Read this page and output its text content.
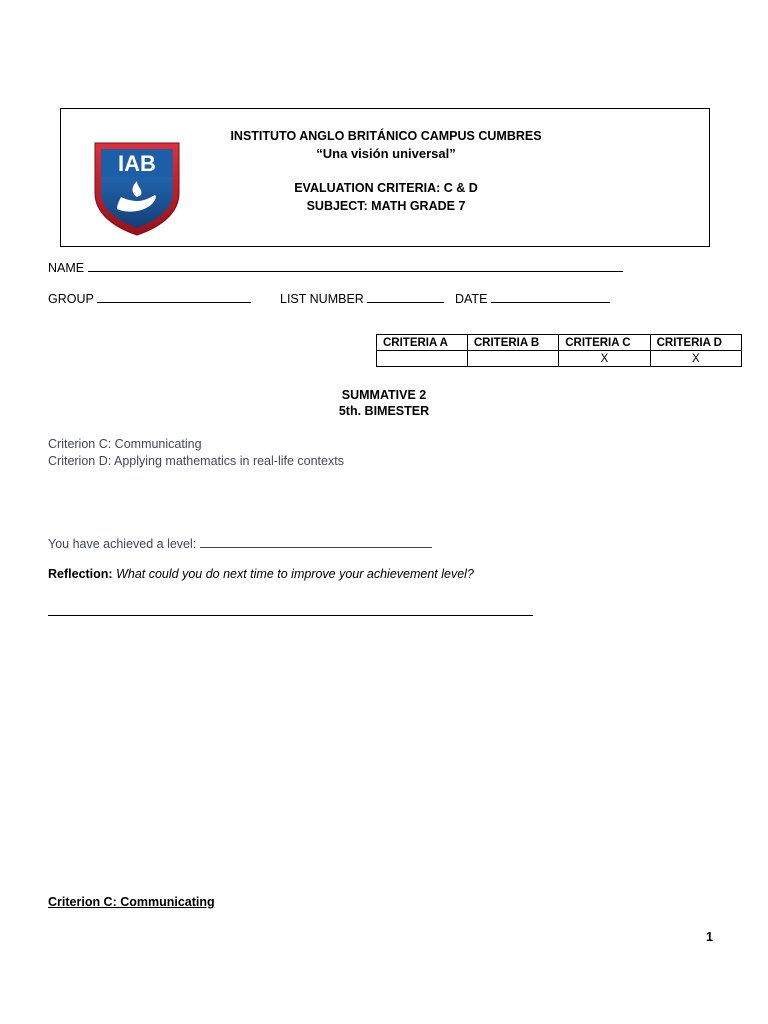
IAB
INSTITUTO ANGLO BRITÁNICO CAMPUS CUMBRES
“Una visión universal”
EVALUATION CRITERIA: C & D
SUBJECT: MATH GRADE 7
NAME
GROUP	LIST NUMBER	DATE
CRITERIA A	CRITERIA B	CRITERIA C	CRITERIA D
		X	X
SUMMATIVE 2
5th. BIMESTER
Criterion C: Communicating
Criterion D: Applying mathematics in real-life contexts
You have achieved a level:
Reflection: What could you do next time to improve your achievement level?
Criterion C: Communicating
1
